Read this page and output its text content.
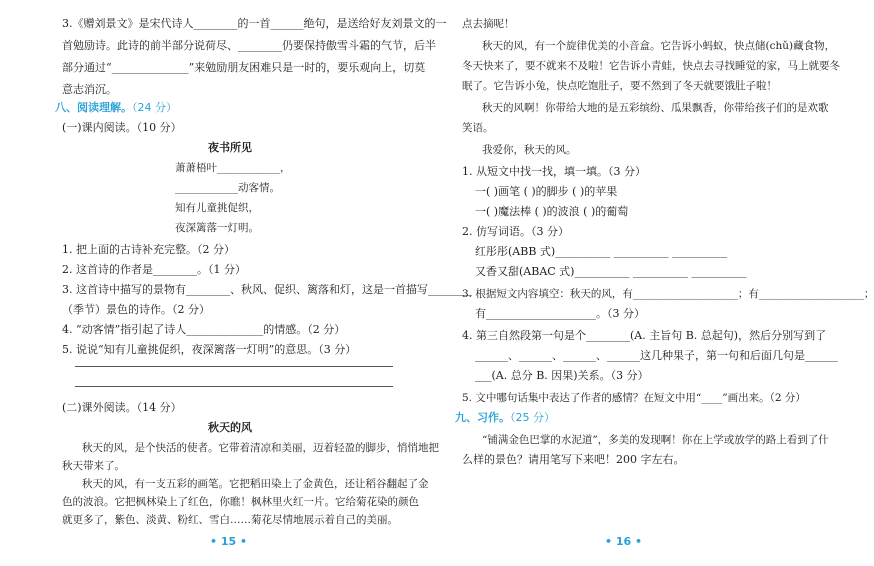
3.《赠刘景文》是宋代诗人________的一首______绝句，是送给好友刘景文的一
首勉励诗。此诗的前半部分说荷尽、________仍要保持傲雪斗霜的气节，后半
部分通过“______________”来勉励朋友困难只是一时的，要乐观向上，切莫
意志消沉。
八、阅读理解。（24 分）
(一)课内阅读。（10 分）
夜书所见
萧萧梧叶____________，
____________动客情。
知有儿童挑促织，
夜深篱落一灯明。
1. 把上面的古诗补充完整。（2 分）
2. 这首诗的作者是________。（1 分）
3. 这首诗中描写的景物有________、秋风、促织、篱落和灯，这是一首描写________
（季节）景色的诗作。（2 分）
4. “动客情”指引起了诗人______________的情感。（2 分）
5. 说说“知有儿童挑促织，夜深篱落一灯明”的意思。（3 分）
(二)课外阅读。（14 分）
秋天的风
秋天的风，是个快活的使者。它带着清凉和美丽，迈着轻盈的脚步，悄悄地把
秋天带来了。
秋天的风，有一支五彩的画笔。它把稻田染上了金黄色，还让稻谷翻起了金
色的波浪。它把枫林染上了红色，你瞧！枫林里火红一片。它给菊花染的颜色
就更多了，紫色、淡黄、粉红、雪白……菊花尽情地展示着自己的美丽。
• 15 •
点去摘呢！
秋天的风，有一个旋律优美的小音盒。它告诉小蚂蚁，快点储(chǔ)藏食物，
冬天快来了，要不就来不及啦！它告诉小青蛙，快点去寻找睡觉的家，马上就要冬
眠了。它告诉小兔，快点吃饱肚子，要不然到了冬天就要饿肚子啦！
秋天的风啊！你带给大地的是五彩缤纷、瓜果飘香，你带给孩子们的是欢歌
笑语。
我爱你，秋天的风。
1. 从短文中找一找，填一填。（3 分）
一( )画笔 ( )的脚步 ( )的苹果
一( )魔法棒 ( )的波浪 ( )的葡萄
2. 仿写词语。（3 分）
红彤彤(ABB 式)__________ __________ __________
又香又甜(ABAC 式)__________ __________ __________
3. 根据短文内容填空：秋天的风，有____________________；有____________________；
有____________________。（3 分）
4. 第三自然段第一句是个________(A. 主旨句 B. 总起句)，然后分别写到了
______、______、______、______这几种果子，第一句和后面几句是______
___(A. 总分 B. 因果)关系。（3 分）
5. 文中哪句话集中表达了作者的感情？在短文中用“____”画出来。（2 分）
九、习作。（25 分）
“铺满金色巴掌的水泥道”，多美的发现啊！你在上学或放学的路上看到了什
么样的景色？请用笔写下来吧！200 字左右。
• 16 •
